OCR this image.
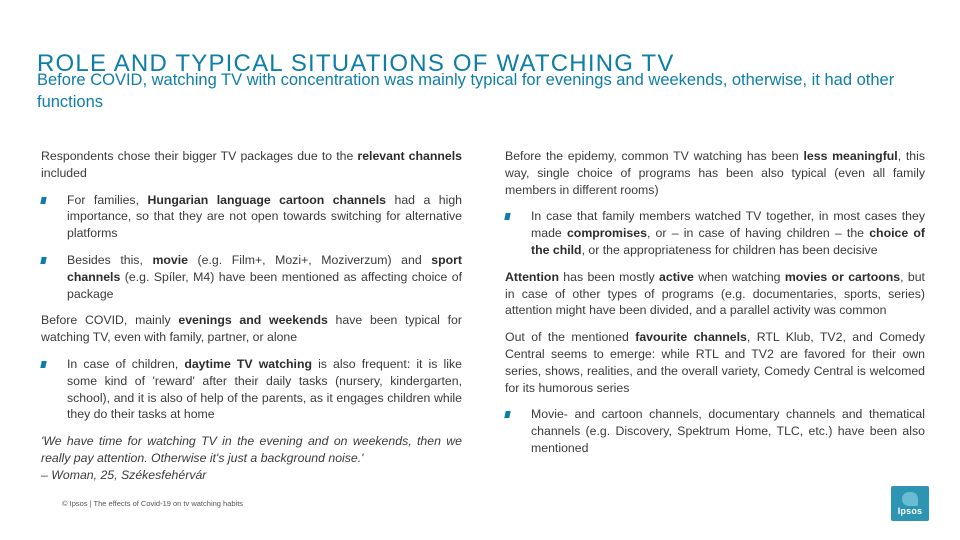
ROLE AND TYPICAL SITUATIONS OF WATCHING TV
Before COVID, watching TV with concentration was mainly typical for evenings and weekends, otherwise, it had other functions

Respondents chose their bigger TV packages due to the relevant channels included

For families, Hungarian language cartoon channels had a high importance, so that they are not open towards switching for alternative platforms

Besides this, movie (e.g. Film+, Mozi+, Moziverzum) and sport channels (e.g. Spíler, M4) have been mentioned as affecting choice of package

Before COVID, mainly evenings and weekends have been typical for watching TV, even with family, partner, or alone

In case of children, daytime TV watching is also frequent: it is like some kind of 'reward' after their daily tasks (nursery, kindergarten, school), and it is also of help of the parents, as it engages children while they do their tasks at home

'We have time for watching TV in the evening and on weekends, then we really pay attention. Otherwise it's just a background noise.'
– Woman, 25, Székesfehérvár

Before the epidemy, common TV watching has been less meaningful, this way, single choice of programs has been also typical (even all family members in different rooms)

In case that family members watched TV together, in most cases they made compromises, or – in case of having children – the choice of the child, or the appropriateness for children has been decisive

Attention has been mostly active when watching movies or cartoons, but in case of other types of programs (e.g. documentaries, sports, series) attention might have been divided, and a parallel activity was common

Out of the mentioned favourite channels, RTL Klub, TV2, and Comedy Central seems to emerge: while RTL and TV2 are favored for their own series, shows, realities, and the overall variety, Comedy Central is welcomed for its humorous series

Movie- and cartoon channels, documentary channels and thematical channels (e.g. Discovery, Spektrum Home, TLC, etc.) have been also mentioned

© Ipsos | The effects of Covid-19 on tv watching habits
Ipsos
